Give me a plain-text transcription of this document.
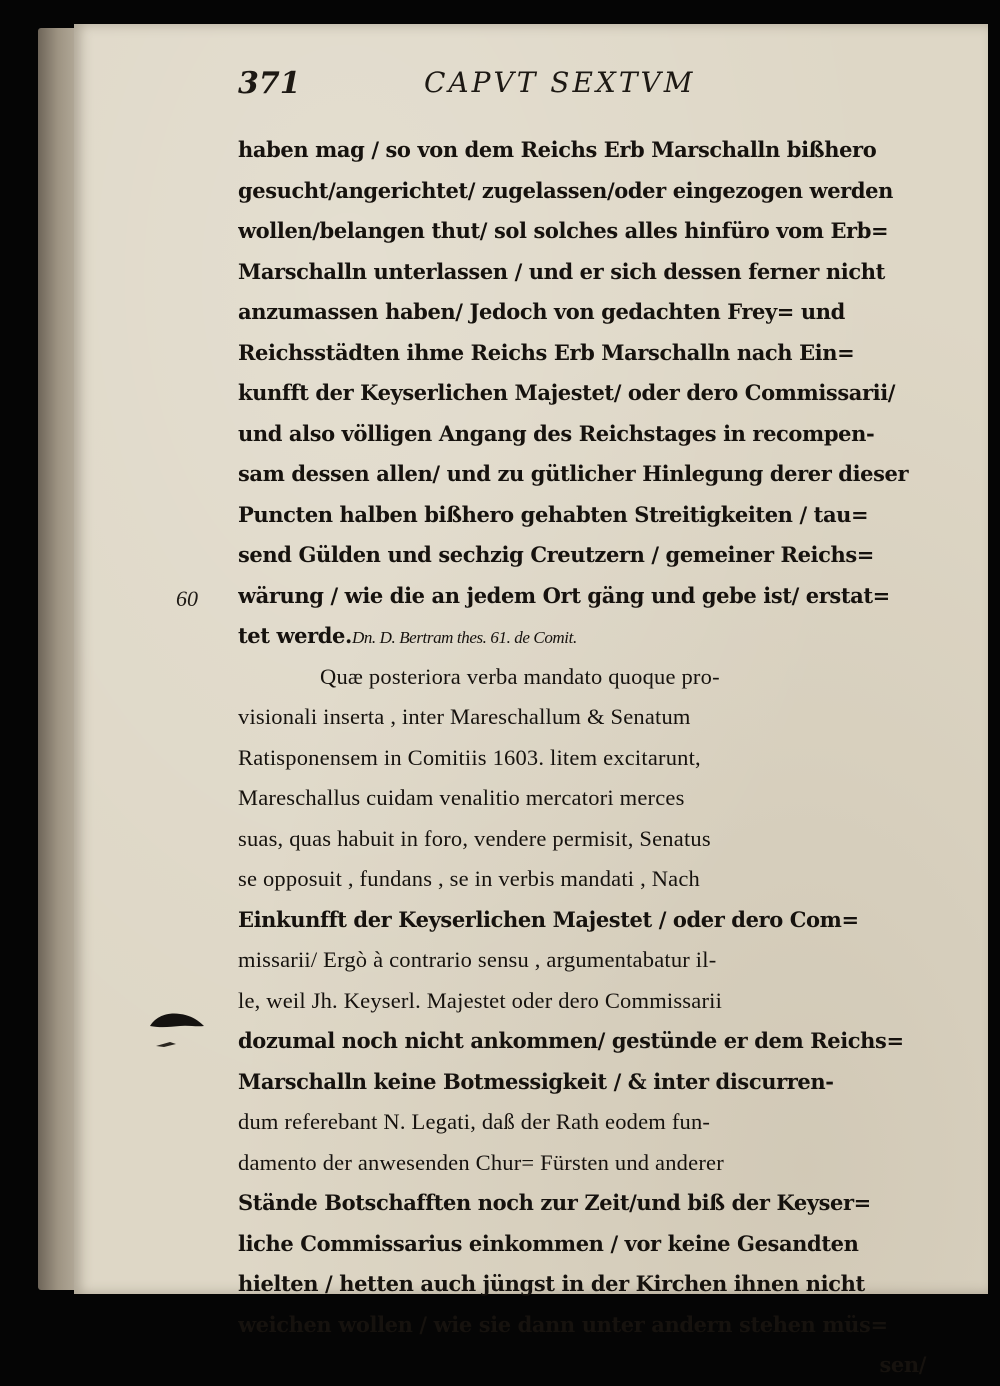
371	CAPVT SEXTVM
60
haben mag / so von dem Reichs Erb Marschalln bißhero
gesucht/angerichtet/ zugelassen/oder eingezogen werden
wollen/belangen thut/ sol solches alles hinfüro vom Erb=
Marschalln unterlassen / und er sich dessen ferner nicht
anzumassen haben/ Jedoch von gedachten Frey= und
Reichsstädten ihme Reichs Erb Marschalln nach Ein=
kunfft der Keyserlichen Majestet/ oder dero Commissarii/
und also völligen Angang des Reichstages in recompen-
sam dessen allen/ und zu gütlicher Hinlegung derer dieser
Puncten halben bißhero gehabten Streitigkeiten / tau=
send Gülden und sechzig Creutzern / gemeiner Reichs=
wärung / wie die an jedem Ort gäng und gebe ist/ erstat=
tet werde.Dn. D. Bertram thes. 61. de Comit.
Quæ posteriora verba mandato quoque pro-
visionali inserta , inter Mareschallum & Senatum
Ratisponensem in Comitiis 1603. litem excitarunt,
Mareschallus cuidam venalitio mercatori merces
suas, quas habuit in foro, vendere permisit, Senatus
se opposuit , fundans , se in verbis mandati , Nach
Einkunfft der Keyserlichen Majestet / oder dero Com=
missarii/ Ergò à contrario sensu , argumentabatur il-
le, weil Jh. Keyserl. Majestet oder dero Commissarii
dozumal noch nicht ankommen/ gestünde er dem Reichs=
Marschalln keine Botmessigkeit / & inter discurren-
dum referebant N. Legati, daß der Rath eodem fun-
damento der anwesenden Chur= Fürsten und anderer
Stände Botschafften noch zur Zeit/und biß der Keyser=
liche Commissarius einkommen / vor keine Gesandten
hielten / hetten auch jüngst in der Kirchen ihnen nicht
weichen wollen / wie sie dann unter andern stehen müs=
sen/
